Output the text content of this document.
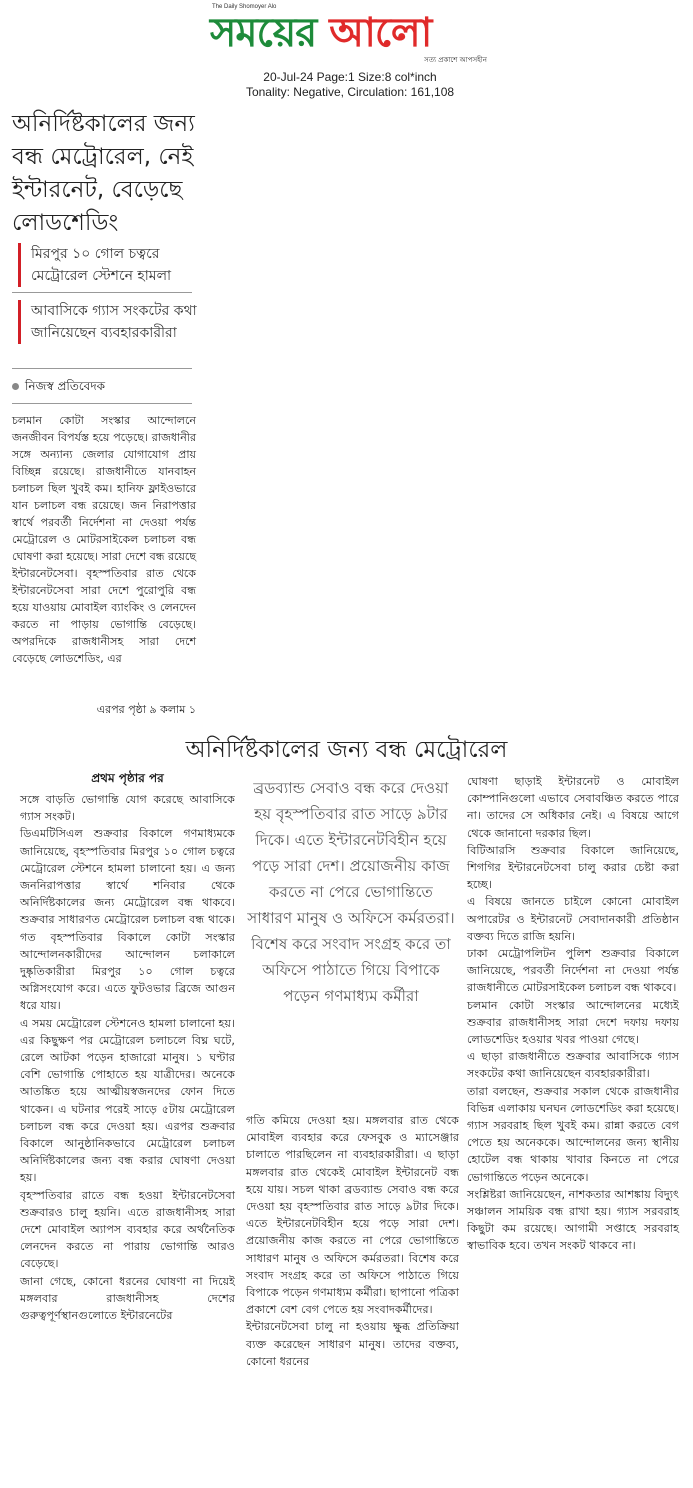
The Daily Shomoyer Alo
সময়ের আলো
সত্য প্রকাশে আপসহীন
20-Jul-24 Page:1 Size:8 col*inch
Tonality: Negative, Circulation: 161,108
অনির্দিষ্টকালের জন্য বন্ধ মেট্রোরেল, নেই ইন্টারনেট, বেড়েছে লোডশেডিং
মিরপুর ১০ গোল চত্বরে মেট্রোরেল স্টেশনে হামলা
আবাসিকে গ্যাস সংকটের কথা জানিয়েছেন ব্যবহারকারীরা
নিজস্ব প্রতিবেদক

চলমান কোটা সংস্কার আন্দোলনে জনজীবন বিপর্যস্ত হয়ে পড়েছে। রাজধানীর সঙ্গে অন্যান্য জেলার যোগাযোগ প্রায় বিচ্ছিন্ন রয়েছে। রাজধানীতে যানবাহন চলাচল ছিল খুবই কম। হানিফ ফ্লাইওভারে যান চলাচল বন্ধ রয়েছে। জন নিরাপত্তার স্বার্থে পরবর্তী নির্দেশনা না দেওয়া পর্যন্ত মেট্রোরেল ও মোটরসাইকেল চলাচল বন্ধ ঘোষণা করা হয়েছে। সারা দেশে বন্ধ রয়েছে ইন্টারনেটসেবা। বৃহস্পতিবার রাত থেকে ইন্টারনেটসেবা সারা দেশে পুরোপুরি বন্ধ হয়ে যাওয়ায় মোবাইল ব্যাংকিং ও লেনদেন করতে না পাড়ায় ভোগান্তি বেড়েছে। অপরদিকে রাজধানীসহ সারা দেশে বেড়েছে লোডশেডিং, এর

এরপর পৃষ্ঠা ৯ কলাম ১
অনির্দিষ্টকালের জন্য বন্ধ মেট্রোরেল
প্রথম পৃষ্ঠার পর

সঙ্গে বাড়তি ভোগান্তি যোগ করেছে আবাসিকে গ্যাস সংকট।

ডিএমটিসিএল শুক্রবার বিকালে গণমাধ্যমকে জানিয়েছে, বৃহস্পতিবার মিরপুর ১০ গোল চত্বরে মেট্রোরেল স্টেশনে হামলা চালানো হয়। এ জন্য জননিরাপত্তার স্বার্থে শনিবার থেকে অনির্দিষ্টকালের জন্য মেট্রোরেল বন্ধ থাকবে। শুক্রবার সাধারণত মেট্রোরেল চলাচল বন্ধ থাকে। গত বৃহস্পতিবার বিকালে কোটা সংস্কার আন্দোলনকারীদের আন্দোলন চলাকালে দুষ্কৃতিকারীরা মিরপুর ১০ গোল চত্বরে অগ্নিসংযোগ করে। এতে ফুটওভার ব্রিজে আগুন ধরে যায়।

এ সময় মেট্রোরেল স্টেশনেও হামলা চালানো হয়। এর কিছুক্ষণ পর মেট্রোরেল চলাচলে বিঘ্ন ঘটে, রেলে আটকা পড়েন হাজারো মানুষ। ১ ঘণ্টার বেশি ভোগান্তি পোহাতে হয় যাত্রীদের। অনেকে আতঙ্কিত হয়ে আত্মীয়স্বজনদের ফোন দিতে থাকেন। এ ঘটনার পরেই সাড়ে ৫টায় মেট্রোরেল চলাচল বন্ধ করে দেওয়া হয়। এরপর শুক্রবার বিকালে আনুষ্ঠানিকভাবে মেট্রোরেল চলাচল অনির্দিষ্টকালের জন্য বন্ধ করার ঘোষণা দেওয়া হয়।

বৃহস্পতিবার রাতে বন্ধ হওয়া ইন্টারনেটসেবা শুক্রবারও চালু হয়নি। এতে রাজধানীসহ সারা দেশে মোবাইল অ্যাপস ব্যবহার করে অর্থনৈতিক লেনদেন করতে না পারায় ভোগান্তি আরও বেড়েছে।

জানা গেছে, কোনো ধরনের ঘোষণা না দিয়েই মঙ্গলবার রাজধানীসহ দেশের গুরুত্বপূর্ণস্থানগুলোতে ইন্টারনেটের

ব্রডব্যান্ড সেবাও বন্ধ করে দেওয়া হয় বৃহস্পতিবার রাত সাড়ে ৯টার দিকে। এতে ইন্টারনেটবিহীন হয়ে পড়ে সারা দেশ। প্রয়োজনীয় কাজ করতে না পেরে ভোগান্তিতে সাধারণ মানুষ ও অফিসে কর্মরতরা। বিশেষ করে সংবাদ সংগ্রহ করে তা অফিসে পাঠাতে গিয়ে বিপাকে পড়েন গণমাধ্যম কর্মীরা

গতি কমিয়ে দেওয়া হয়। মঙ্গলবার রাত থেকে মোবাইল ব্যবহার করে ফেসবুক ও ম্যাসেঞ্জার চালাতে পারছিলেন না ব্যবহারকারীরা। এ ছাড়া মঙ্গলবার রাত থেকেই মোবাইল ইন্টারনেট বন্ধ হয়ে যায়। সচল থাকা ব্রডব্যান্ড সেবাও বন্ধ করে দেওয়া হয় বৃহস্পতিবার রাত সাড়ে ৯টার দিকে। এতে ইন্টারনেটবিহীন হয়ে পড়ে সারা দেশ। প্রয়োজনীয় কাজ করতে না পেরে ভোগান্তিতে সাধারণ মানুষ ও অফিসে কর্মরতরা। বিশেষ করে সংবাদ সংগ্রহ করে তা অফিসে পাঠাতে গিয়ে বিপাকে পড়েন গণমাধ্যম কর্মীরা। ছাপানো পত্রিকা প্রকাশে বেশ বেগ পেতে হয় সংবাদকর্মীদের।

ইন্টারনেটসেবা চালু না হওয়ায় ক্ষুব্ধ প্রতিক্রিয়া ব্যক্ত করেছেন সাধারণ মানুষ। তাদের বক্তব্য, কোনো ধরনের

ঘোষণা ছাড়াই ইন্টারনেট ও মোবাইল কোম্পানিগুলো এভাবে সেবাবঞ্চিত করতে পারে না। তাদের সে অধিকার নেই। এ বিষয়ে আগে থেকে জানানো দরকার ছিল।

বিটিআরসি শুক্রবার বিকালে জানিয়েছে, শিগগির ইন্টারনেটসেবা চালু করার চেষ্টা করা হচ্ছে।

এ বিষয়ে জানতে চাইলে কোনো মোবাইল অপারেটর ও ইন্টারনেট সেবাদানকারী প্রতিষ্ঠান বক্তব্য দিতে রাজি হয়নি।

ঢাকা মেট্রোপলিটন পুলিশ শুক্রবার বিকালে জানিয়েছে, পরবর্তী নির্দেশনা না দেওয়া পর্যন্ত রাজধানীতে মোটরসাইকেল চলাচল বন্ধ থাকবে।

চলমান কোটা সংস্কার আন্দোলনের মধ্যেই শুক্রবার রাজধানীসহ সারা দেশে দফায় দফায় লোডশেডিং হওয়ার খবর পাওয়া গেছে।

এ ছাড়া রাজধানীতে শুক্রবার আবাসিকে গ্যাস সংকটের কথা জানিয়েছেন ব্যবহারকারীরা।

তারা বলছেন, শুক্রবার সকাল থেকে রাজধানীর বিভিন্ন এলাকায় ঘনঘন লোডশেডিং করা হয়েছে। গ্যাস সরবরাহ ছিল খুবই কম। রান্না করতে বেগ পেতে হয় অনেককে। আন্দোলনের জন্য স্থানীয় হোটেল বন্ধ থাকায় খাবার কিনতে না পেরে ভোগান্তিতে পড়েন অনেকে।

সংশ্লিষ্টরা জানিয়েছেন, নাশকতার আশঙ্কায় বিদ্যুৎ সঞ্চালন সাময়িক বন্ধ রাখা হয়। গ্যাস সরবরাহ কিছুটা কম রয়েছে। আগামী সপ্তাহে সরবরাহ স্বাভাবিক হবে। তখন সংকট থাকবে না।
